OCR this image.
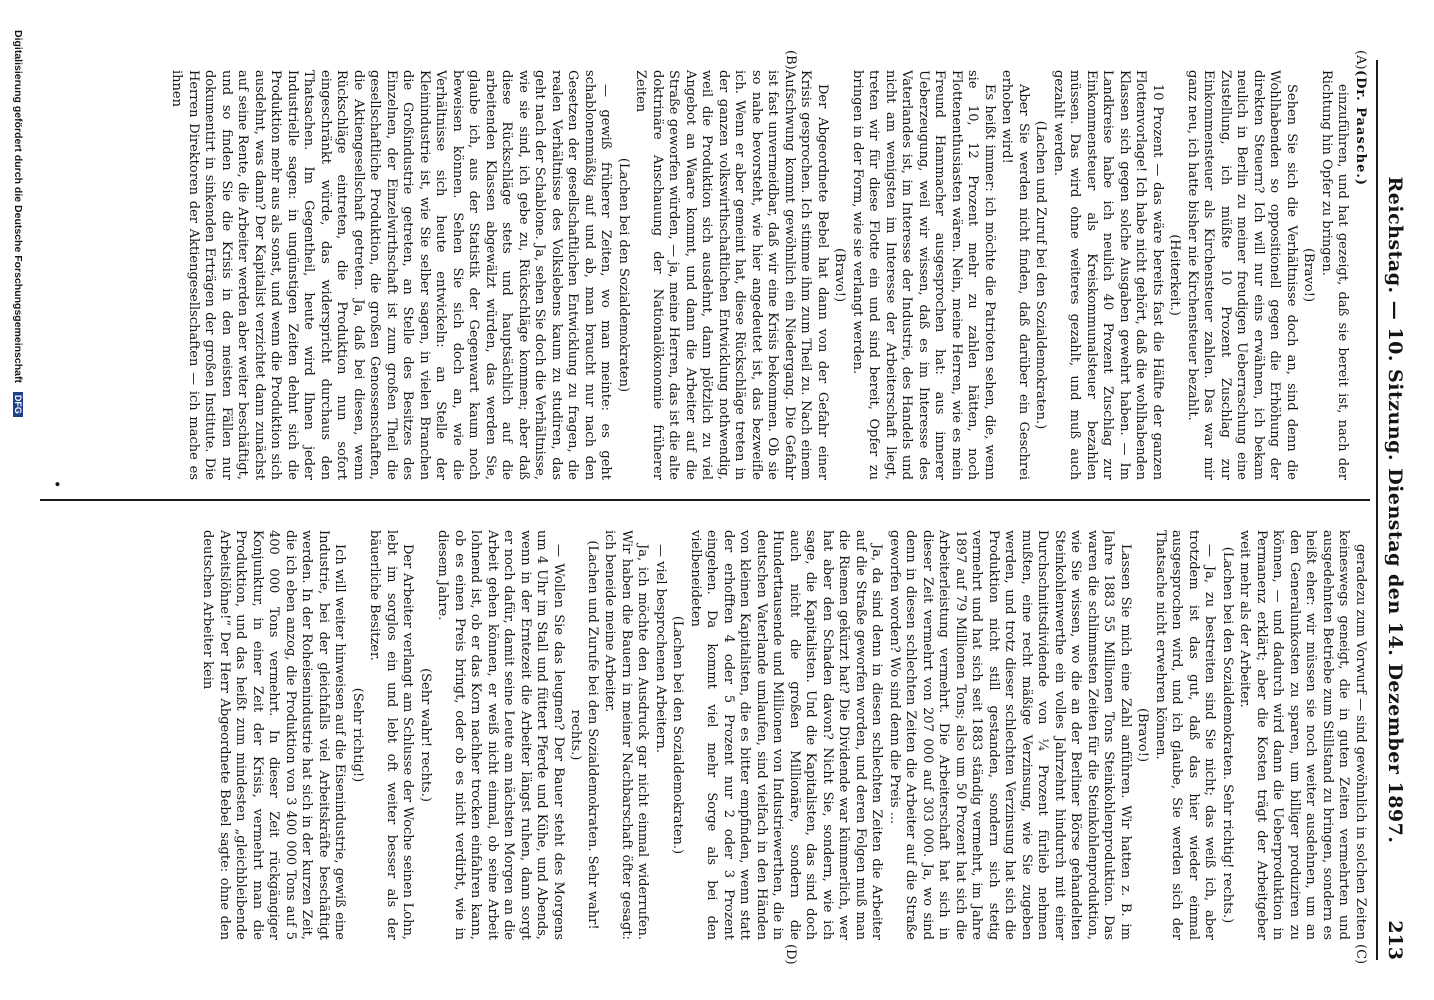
Reichstag. — 10. Sitzung. Dienstag den 14. Dezember 1897.
213
(A)
(B)
(C)
(D)

(Dr. Paasche.)

einzuführen, und hat gezeigt, daß sie bereit ist, nach der Richtung hin Opfer zu bringen.

(Bravo!)

Sehen Sie sich die Verhältnisse doch an, sind denn die Wohlhabenden so oppositionell gegen die Erhöhung der direkten Steuern? Ich will nur eins erwähnen, ich bekam neulich in Berlin zu meiner freudigen Ueberraschung eine Zustellung, ich müßte 10 Prozent Zuschlag zur Einkommensteuer als Kirchensteuer zahlen. Das war mir ganz neu, ich hatte bisher nie Kirchensteuer bezahlt.

(Heiterkeit.)

10 Prozent — das wäre bereits fast die Hälfte der ganzen Flottenvorlage! Ich habe nicht gehört, daß die wohlhabenden Klassen sich gegen solche Ausgaben gewehrt haben. — Im Landkreise habe ich neulich 40 Prozent Zuschlag zur Einkommensteuer als Kreiskommunalsteuer bezahlen müssen. Das wird ohne weiteres gezahlt, und muß auch gezahlt werden.

(Lachen und Zuruf bei den Sozialdemokraten.)

Aber Sie werden nicht finden, daß darüber ein Geschrei erhoben wird!

Es heißt immer: ich möchte die Patrioten sehen, die, wenn sie 10, 12 Prozent mehr zu zahlen hätten, noch Flottenenthusiasten wären. Nein, meine Herren, wie es mein Freund Hammacher ausgesprochen hat: aus innerer Ueberzeugung, weil wir wissen, daß es im Interesse des Vaterlandes ist, im Interesse der Industrie, des Handels und nicht am wenigsten im Interesse der Arbeiterschaft liegt, treten wir für diese Flotte ein und sind bereit, Opfer zu bringen in der Form, wie sie verlangt werden.

(Bravo!)

Der Abgeordnete Bebel hat dann von der Gefahr einer Krisis gesprochen. Ich stimme ihm zum Theil zu. Nach einem Aufschwung kommt gewöhnlich ein Niedergang. Die Gefahr ist fast unvermeidbar, daß wir eine Krisis bekommen. Ob sie so nahe bevorsteht, wie hier angedeutet ist, das bezweifle ich. Wenn er aber gemeint hat, diese Rückschläge treten in der ganzen volkswirthschaftlichen Entwicklung nothwendig, weil die Produktion sich ausdehnt, dann plötzlich zu viel Angebot an Waare kommt, und dann die Arbeiter auf die Straße geworfen würden, — ja, meine Herren, das ist die alte doktrinäre Anschauung der Nationalökonomie früherer Zeiten

(Lachen bei den Sozialdemokraten)

— gewiß früherer Zeiten, wo man meinte: es geht schablonenmäßig auf und ab, man braucht nur nach den Gesetzen der gesellschaftlichen Entwicklung zu fragen, die realen Verhältnisse des Volkslebens kaum zu studiren, das geht nach der Schablone. Ja, sehen Sie doch die Verhältnisse, wie sie sind, ich gebe zu, Rückschläge kommen; aber daß diese Rückschläge stets und hauptsächlich auf die arbeitenden Klassen abgewälzt würden, das werden Sie, glaube ich, aus der Statistik der Gegenwart kaum noch beweisen können. Sehen Sie sich doch an, wie die Verhältnisse sich heute entwickeln: an Stelle der Kleinindustrie ist, wie Sie selber sagen, in vielen Branchen die Großindustrie getreten, an Stelle des Besitzes des Einzelnen, der Einzelwirthschaft ist zum großen Theil die gesellschaftliche Produktion, die großen Genossenschaften, die Aktiengesellschaft getreten. Ja, daß bei diesen, wenn Rückschläge eintreten, die Produktion nun sofort eingeschränkt würde, das widerspricht durchaus den Thatsachen. Im Gegentheil, heute wird Ihnen jeder Industrielle sagen: in ungünstigen Zeiten dehnt sich die Produktion mehr aus als sonst, und wenn die Produktion sich ausdehnt, was dann? Der Kapitalist verzichtet dann zunächst auf seine Rente, die Arbeiter werden aber weiter beschäftigt, und so finden Sie die Krisis in den meisten Fällen nur dokumentirt in sinkenden Erträgen der großen Institute. Die Herren Direktoren der Aktiengesellschaften — ich mache es ihnen

geradezu zum Vorwurf — sind gewöhnlich in solchen Zeiten keineswegs geneigt, die in guten Zeiten vermehrten und ausgedehnten Betriebe zum Stillstand zu bringen, sondern es heißt eher: wir müssen sie noch weiter ausdehnen, um an den Generalunkosten zu sparen, um billiger produziren zu können, — und dadurch wird dann die Ueberproduktion in Permanenz erklärt; aber die Kosten trägt der Arbeitgeber weit mehr als der Arbeiter.

(Lachen bei den Sozialdemokraten. Sehr richtig! rechts.)

— Ja, zu bestreiten sind Sie nicht; das weiß ich, aber trotzdem ist das gut, daß das hier wieder einmal ausgesprochen wird, und ich glaube, Sie werden sich der Thatsache nicht erwehren können.

(Bravo!)

Lassen Sie mich eine Zahl anführen. Wir hatten z. B. im Jahre 1883 55 Millionen Tons Steinkohlenproduktion. Das waren die schlimmsten Zeiten für die Steinkohlenproduktion, wie Sie wissen, wo die an der Berliner Börse gehandelten Steinkohlenwerthe ein volles Jahrzehnt hindurch mit einer Durchschnittsdividende von ¼ Prozent fürlieb nehmen mußten, eine recht mäßige Verzinsung, wie Sie zugeben werden, und trotz dieser schlechten Verzinsung hat sich die Produktion nicht still gestanden, sondern sich stetig vermehrt und hat sich seit 1883 ständig vermehrt, im Jahre 1897 auf 79 Millionen Tons; also um 50 Prozent hat sich die Arbeiterleistung vermehrt. Die Arbeiterschaft hat sich in dieser Zeit vermehrt von 207 000 auf 303 000. Ja, wo sind denn in diesen schlechten Zeiten die Arbeiter auf die Straße geworfen worden? Wo sind denn die Preis ...

Ja, da sind denn in diesen schlechten Zeiten die Arbeiter auf die Straße geworfen worden, und deren Folgen muß man die Riemen gekürzt hat? Die Dividende war kümmerlich, wer hat aber den Schaden davon? Nicht Sie, sondern, wie ich sage, die Kapitalisten. Und die Kapitalisten, das sind doch auch nicht die großen Millionäre, sondern die Hunderttausende und Millionen von Industriewerthen, die in deutschen Vaterlande umlaufen, sind vielfach in den Händen von kleinen Kapitalisten, die es bitter empfinden, wenn statt der erhofften 4 oder 5 Prozent nur 2 oder 3 Prozent eingehen. Da kommt viel mehr Sorge als bei den vielbeneideten

(Lachen bei den Sozialdemokraten.)

— viel besprochenen Arbeitern.

Ja, ich möchte den Ausdruck gar nicht einmal widerrufen. Wir haben die Bauern in meiner Nachbarschaft öfter gesagt: ich beneide meine Arbeiter.

(Lachen und Zurufe bei den Sozialdemokraten. Sehr wahr! rechts.)

— Wollen Sie das leugnen? Der Bauer steht des Morgens um 4 Uhr im Stall und füttert Pferde und Kühe, und Abends, wenn in der Erntezeit die Arbeiter längst ruhen, dann sorgt er noch dafür, damit seine Leute am nächsten Morgen an die Arbeit gehen können, er weiß nicht einmal, ob seine Arbeit lohnend ist, ob er das Korn nachher trocken einfahren kann, ob es einen Preis bringt, oder ob es nicht verdirbt, wie in diesem Jahre.

(Sehr wahr! rechts.)

Der Arbeiter verlangt am Schlusse der Woche seinen Lohn, lebt im sorglos ein und lebt oft weiter besser als der bäuerliche Besitzer.

(Sehr richtig!)

Ich will weiter hinweisen auf die Eisenindustrie, gewiß eine Industrie, bei der gleichfalls viel Arbeitskräfte beschäftigt werden. In der Roheisenindustrie hat sich in der kurzen Zeit, die ich eben anzog, die Produktion von 3 400 000 Tons auf 5 400 000 Tons vermehrt. In dieser Zeit rückgängiger Konjunktur, in einer Zeit der Krisis, vermehrt man die Produktion, und das heißt zum mindesten „gleichbleibende Arbeitslöhne!“ Der Herr Abgeordnete Bebel sagte: ohne den deutschen Arbeiter kein

•
Digitalisierung gefördert durch die Deutsche Forschungsgemeinschaft DFG
